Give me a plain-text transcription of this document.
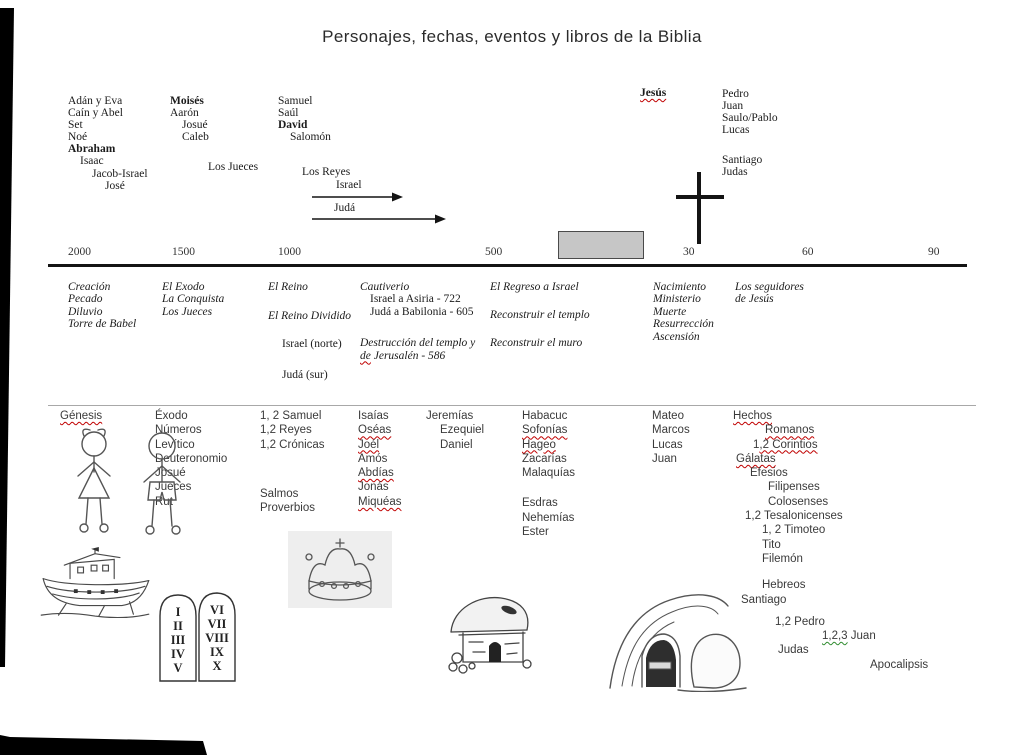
Personajes, fechas, eventos y libros de la Biblia
Adán y Eva
Caín y Abel
Set
Noé
Abraham
Isaac
Jacob-Israel
José
Moisés
Aarón
Josué
Caleb
Samuel
Saúl
David
Salomón
Pedro
Juan
Saulo/Pablo
Lucas
Santiago
Judas
Los Jueces	Los Reyes
Israel
Judá
Jesús
2000	1500	1000	500	30	60	90
Creación
Pecado
Diluvio
Torre de Babel
El Exodo
La Conquista
Los Jueces
El Reino
El Reino Dividido
Israel (norte)
Judá (sur)
Cautiverio
Israel a Asiria - 722
Judá a Babilonia - 605
Destrucción del templo y
de Jerusalén - 586
El Regreso a Israel
Reconstruir el templo
Reconstruir el muro
Nacimiento
Ministerio
Muerte
Resurrección
Ascensión
Los seguidores
de Jesús
Génesis	Éxodo
Números
Levítico
Deuteronomio
Josué
Jueces
Rut
1, 2 Samuel
1,2 Reyes
1,2 Crónicas
Salmos
Proverbios
Isaías
Oséas
Joél
Amós
Abdías
Jonás
Miquéas
Jeremías
Ezequiel
Daniel
Habacuc
Sofonías
Hageo
Zacarías
Malaquías
Esdras
Nehemías
Ester
Mateo
Marcos
Lucas
Juan
Hechos
Romanos
1,2 Corintios
Gálatas
Efesios
Filipenses
Colosenses
1,2 Tesalonicenses
1, 2 Timoteo
Tito
Filemón
Hebreos
Santiago
1,2 Pedro
1,2,3 Juan
Judas
Apocalipsis
I
II
III
IV
V
VI
VII
VIII
IX
X
